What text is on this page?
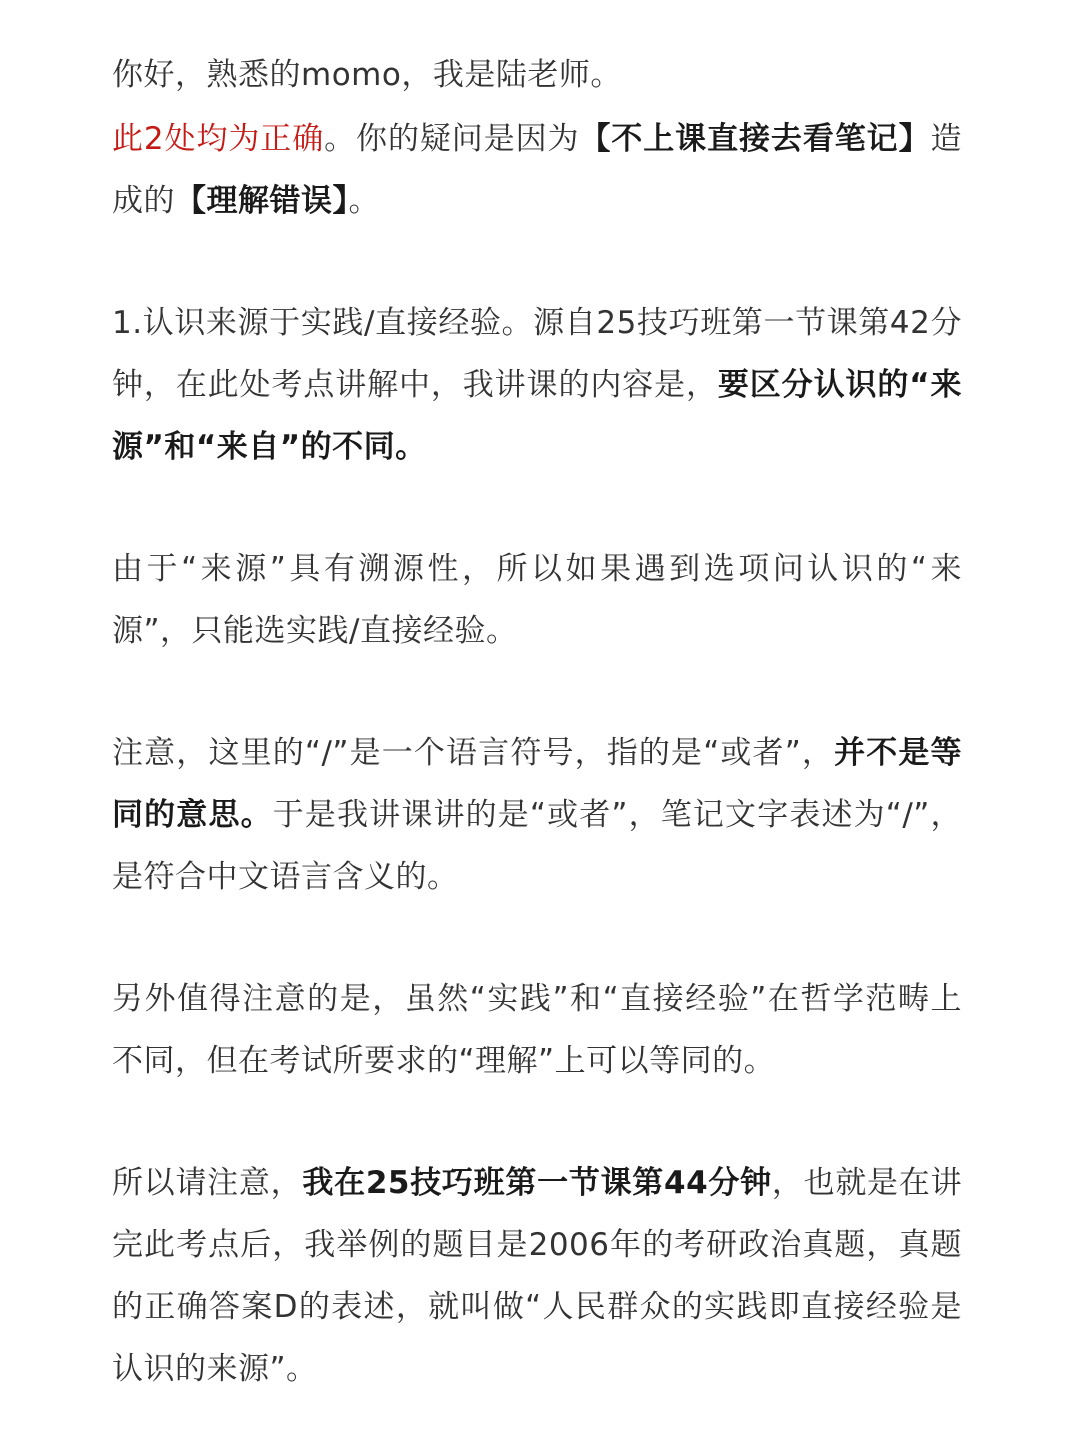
你好，熟悉的momo，我是陆老师。

此2处均为正确。你的疑问是因为【不上课直接去看笔记】造成的【理解错误】。

1.认识来源于实践/直接经验。源自25技巧班第一节课第42分钟，在此处考点讲解中，我讲课的内容是，要区分认识的“来源”和“来自”的不同。

由于“来源”具有溯源性，所以如果遇到选项问认识的“来源”，只能选实践/直接经验。

注意，这里的“/”是一个语言符号，指的是“或者”，并不是等同的意思。于是我讲课讲的是“或者”，笔记文字表述为“/”，是符合中文语言含义的。

另外值得注意的是，虽然“实践”和“直接经验”在哲学范畴上不同，但在考试所要求的“理解”上可以等同的。

所以请注意，我在25技巧班第一节课第44分钟，也就是在讲完此考点后，我举例的题目是2006年的考研政治真题，真题的正确答案D的表述，就叫做“人民群众的实践即直接经验是认识的来源”。
